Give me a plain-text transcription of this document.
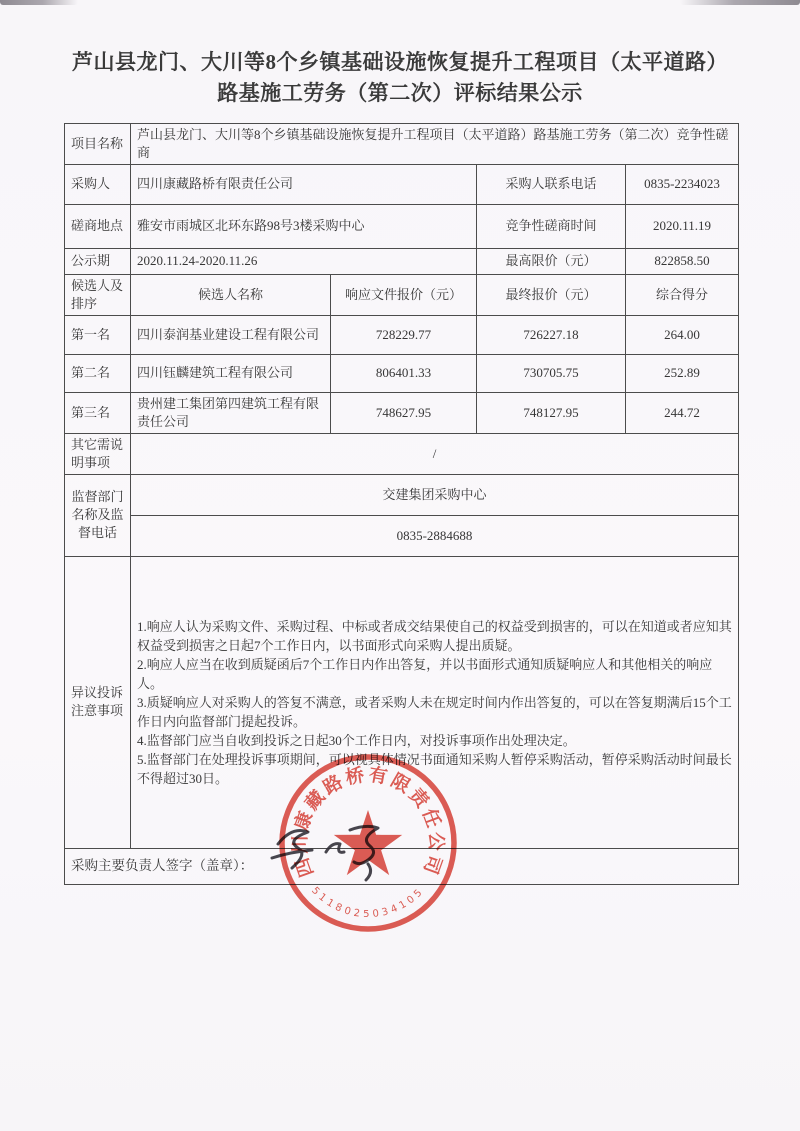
芦山县龙门、大川等8个乡镇基础设施恢复提升工程项目（太平道路）
路基施工劳务（第二次）评标结果公示
项目名称	芦山县龙门、大川等8个乡镇基础设施恢复提升工程项目（太平道路）路基施工劳务（第二次）竞争性磋商			
采购人	四川康藏路桥有限责任公司		采购人联系电话	0835-2234023
磋商地点	雅安市雨城区北环东路98号3楼采购中心		竞争性磋商时间	2020.11.19
公示期	2020.11.24-2020.11.26		最高限价（元）	822858.50
候选人及排序	候选人名称	响应文件报价（元）	最终报价（元）	综合得分
第一名	四川泰润基业建设工程有限公司	728229.77	726227.18	264.00
第二名	四川钰麟建筑工程有限公司	806401.33	730705.75	252.89
第三名	贵州建工集团第四建筑工程有限责任公司	748627.95	748127.95	244.72
其它需说明事项	/			
监督部门名称及监督电话	交建集团采购中心			
	0835-2884688			
异议投诉注意事项	1.响应人认为采购文件、采购过程、中标或者成交结果使自己的权益受到损害的，可以在知道或者应知其权益受到损害之日起7个工作日内，以书面形式向采购人提出质疑。

2.响应人应当在收到质疑函后7个工作日内作出答复，并以书面形式通知质疑响应人和其他相关的响应人。

3.质疑响应人对采购人的答复不满意，或者采购人未在规定时间内作出答复的，可以在答复期满后15个工作日内向监督部门提起投诉。

4.监督部门应当自收到投诉之日起30个工作日内，对投诉事项作出处理决定。

5.监督部门在处理投诉事项期间，可以视具体情况书面通知采购人暂停采购活动，暂停采购活动时间最长不得超过30日。			

采购主要负责人签字（盖章）：				四川康藏路桥有限责任公司
5118025034105
